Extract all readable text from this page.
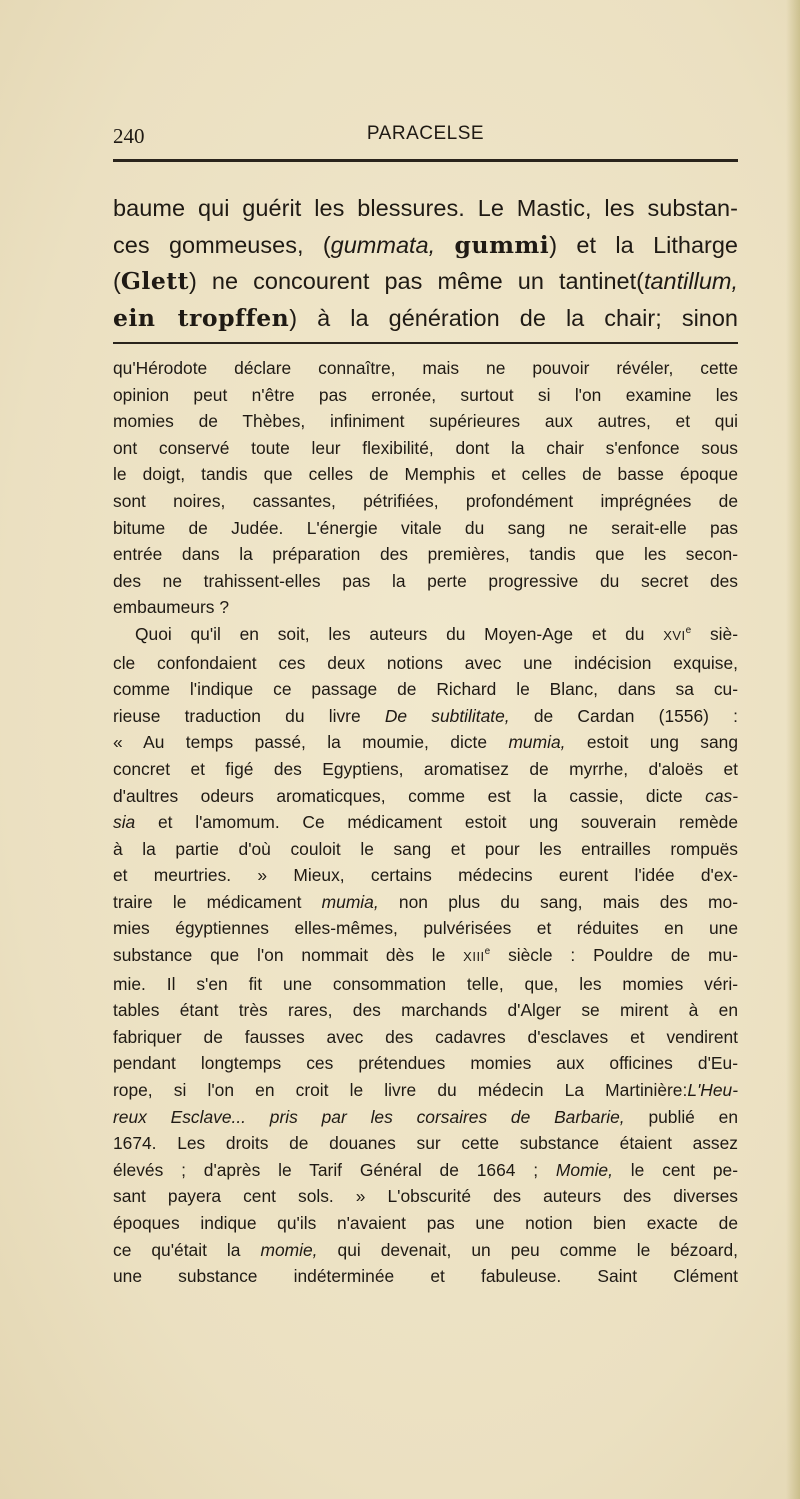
240	PARACELSE
baume qui guérit les blessures. Le Mastic, les substan-
ces gommeuses, (gummata, gummi) et la Litharge
(Glett) ne concourent pas même un tantinet(tantillum,
ein tropffen) à la génération de la chair; sinon
qu'Hérodote déclare connaître, mais ne pouvoir révéler, cette
opinion peut n'être pas erronée, surtout si l'on examine les
momies de Thèbes, infiniment supérieures aux autres, et qui
ont conservé toute leur flexibilité, dont la chair s'enfonce sous
le doigt, tandis que celles de Memphis et celles de basse époque
sont noires, cassantes, pétrifiées, profondément imprégnées de
bitume de Judée. L'énergie vitale du sang ne serait-elle pas
entrée dans la préparation des premières, tandis que les secon-
des ne trahissent-elles pas la perte progressive du secret des
embaumeurs ?
Quoi qu'il en soit, les auteurs du Moyen-Age et du XVIe siè-
cle confondaient ces deux notions avec une indécision exquise,
comme l'indique ce passage de Richard le Blanc, dans sa cu-
rieuse traduction du livre De subtilitate, de Cardan (1556) :
« Au temps passé, la moumie, dicte mumia, estoit ung sang
concret et figé des Egyptiens, aromatisez de myrrhe, d'aloës et
d'aultres odeurs aromaticques, comme est la cassie, dicte cas-
sia et l'amomum. Ce médicament estoit ung souverain remède
à la partie d'où couloit le sang et pour les entrailles rompuës
et meurtries. » Mieux, certains médecins eurent l'idée d'ex-
traire le médicament mumia, non plus du sang, mais des mo-
mies égyptiennes elles-mêmes, pulvérisées et réduites en une
substance que l'on nommait dès le XIIIe siècle : Pouldre de mu-
mie. Il s'en fit une consommation telle, que, les momies véri-
tables étant très rares, des marchands d'Alger se mirent à en
fabriquer de fausses avec des cadavres d'esclaves et vendirent
pendant longtemps ces prétendues momies aux officines d'Eu-
rope, si l'on en croit le livre du médecin La Martinière:L'Heu-
reux Esclave... pris par les corsaires de Barbarie, publié en
1674. Les droits de douanes sur cette substance étaient assez
élevés ; d'après le Tarif Général de 1664 ; Momie, le cent pe-
sant payera cent sols. » L'obscurité des auteurs des diverses
époques indique qu'ils n'avaient pas une notion bien exacte de
ce qu'était la momie, qui devenait, un peu comme le bézoard,
une substance indéterminée et fabuleuse. Saint Clément
